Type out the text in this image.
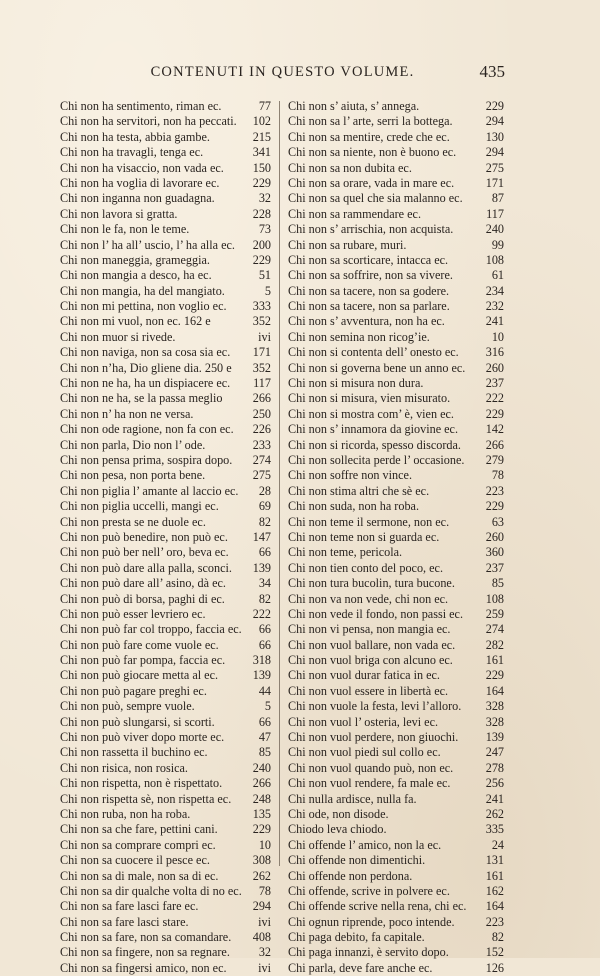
CONTENUTI IN QUESTO VOLUME.	435
Chi non ha sentimento, riman ec.	77
Chi non ha servitori, non ha peccati.	102
Chi non ha testa, abbia gambe.	215
Chi non ha travagli, tenga ec.	341
Chi non ha visaccio, non vada ec.	150
Chi non ha voglia di lavorare ec.	229
Chi non inganna non guadagna.	32
Chi non lavora si gratta.	228
Chi non le fa, non le teme.	73
Chi non l’ ha all’ uscio, l’ ha alla ec.	200
Chi non maneggia, grameggia.	229
Chi non mangia a desco, ha ec.	51
Chi non mangia, ha del mangiato.	5
Chi non mi pettina, non voglio ec.	333
Chi non mi vuol, non ec. 162 e	352
Chi non muor si rivede.	ivi
Chi non naviga, non sa cosa sia ec.	171
Chi non n’ha, Dio gliene dia. 250 e	352
Chi non ne ha, ha un dispiacere ec.	117
Chi non ne ha, se la passa meglio	266
Chi non n’ ha non ne versa.	250
Chi non ode ragione, non fa con ec.	226
Chi non parla, Dio non l’ ode.	233
Chi non pensa prima, sospira dopo.	274
Chi non pesa, non porta bene.	275
Chi non piglia l’ amante al laccio ec.	28
Chi non piglia uccelli, mangi ec.	69
Chi non presta se ne duole ec.	82
Chi non può benedire, non può ec.	147
Chi non può ber nell’ oro, beva ec.	66
Chi non può dare alla palla, sconci.	139
Chi non può dare all’ asino, dà ec.	34
Chi non può di borsa, paghi di ec.	82
Chi non può esser levriero ec.	222
Chi non può far col troppo, faccia ec.	66
Chi non può fare come vuole ec.	66
Chi non può far pompa, faccia ec.	318
Chi non può giocare metta al ec.	139
Chi non può pagare preghi ec.	44
Chi non può, sempre vuole.	5
Chi non può slungarsi, si scorti.	66
Chi non può viver dopo morte ec.	47
Chi non rassetta il buchino ec.	85
Chi non risica, non rosica.	240
Chi non rispetta, non è rispettato.	266
Chi non rispetta sè, non rispetta ec.	248
Chi non ruba, non ha roba.	135
Chi non sa che fare, pettini cani.	229
Chi non sa comprare compri ec.	10
Chi non sa cuocere il pesce ec.	308
Chi non sa di male, non sa di ec.	262
Chi non sa dir qualche volta di no ec.	78
Chi non sa fare lasci fare ec.	294
Chi non sa fare lasci stare.	ivi
Chi non sa fare, non sa comandare.	408
Chi non sa fingere, non sa regnare.	32
Chi non sa fingersi amico, non ec.	ivi
Chi non s’ aiuta, s’ annega.	229
Chi non sa l’ arte, serri la bottega.	294
Chi non sa mentire, crede che ec.	130
Chi non sa niente, non è buono ec.	294
Chi non sa non dubita ec.	275
Chi non sa orare, vada in mare ec.	171
Chi non sa quel che sia malanno ec.	87
Chi non sa rammendare ec.	117
Chi non s’ arrischia, non acquista.	240
Chi non sa rubare, muri.	99
Chi non sa scorticare, intacca ec.	108
Chi non sa soffrire, non sa vivere.	61
Chi non sa tacere, non sa godere.	234
Chi non sa tacere, non sa parlare.	232
Chi non s’ avventura, non ha ec.	241
Chi non semina non ricog’ie.	10
Chi non si contenta dell’ onesto ec.	316
Chi non si governa bene un anno ec.	260
Chi non si misura non dura.	237
Chi non si misura, vien misurato.	222
Chi non si mostra com’ è, vien ec.	229
Chi non s’ innamora da giovine ec.	142
Chi non si ricorda, spesso discorda.	266
Chi non sollecita perde l’ occasione.	279
Chi non soffre non vince.	78
Chi non stima altri che sè ec.	223
Chi non suda, non ha roba.	229
Chi non teme il sermone, non ec.	63
Chi non teme non si guarda ec.	260
Chi non teme, pericola.	360
Chi non tien conto del poco, ec.	237
Chi non tura bucolin, tura bucone.	85
Chi non va non vede, chi non ec.	108
Chi non vede il fondo, non passi ec.	259
Chi non vi pensa, non mangia ec.	274
Chi non vuol ballare, non vada ec.	282
Chi non vuol briga con alcuno ec.	161
Chi non vuol durar fatica in ec.	229
Chi non vuol essere in libertà ec.	164
Chi non vuole la festa, levi l’alloro.	328
Chi non vuol l’ osteria, levi ec.	328
Chi non vuol perdere, non giuochi.	139
Chi non vuol piedi sul collo ec.	247
Chi non vuol quando può, non ec.	278
Chi non vuol rendere, fa male ec.	256
Chi nulla ardisce, nulla fa.	241
Chi ode, non disode.	262
Chiodo leva chiodo.	335
Chi offende l’ amico, non la ec.	24
Chi offende non dimentichi.	131
Chi offende non perdona.	161
Chi offende, scrive in polvere ec.	162
Chi offende scrive nella rena, chi ec.	164
Chi ognun riprende, poco intende.	223
Chi paga debito, fa capitale.	82
Chi paga innanzi, è servito dopo.	152
Chi parla, deve fare anche ec.	126
